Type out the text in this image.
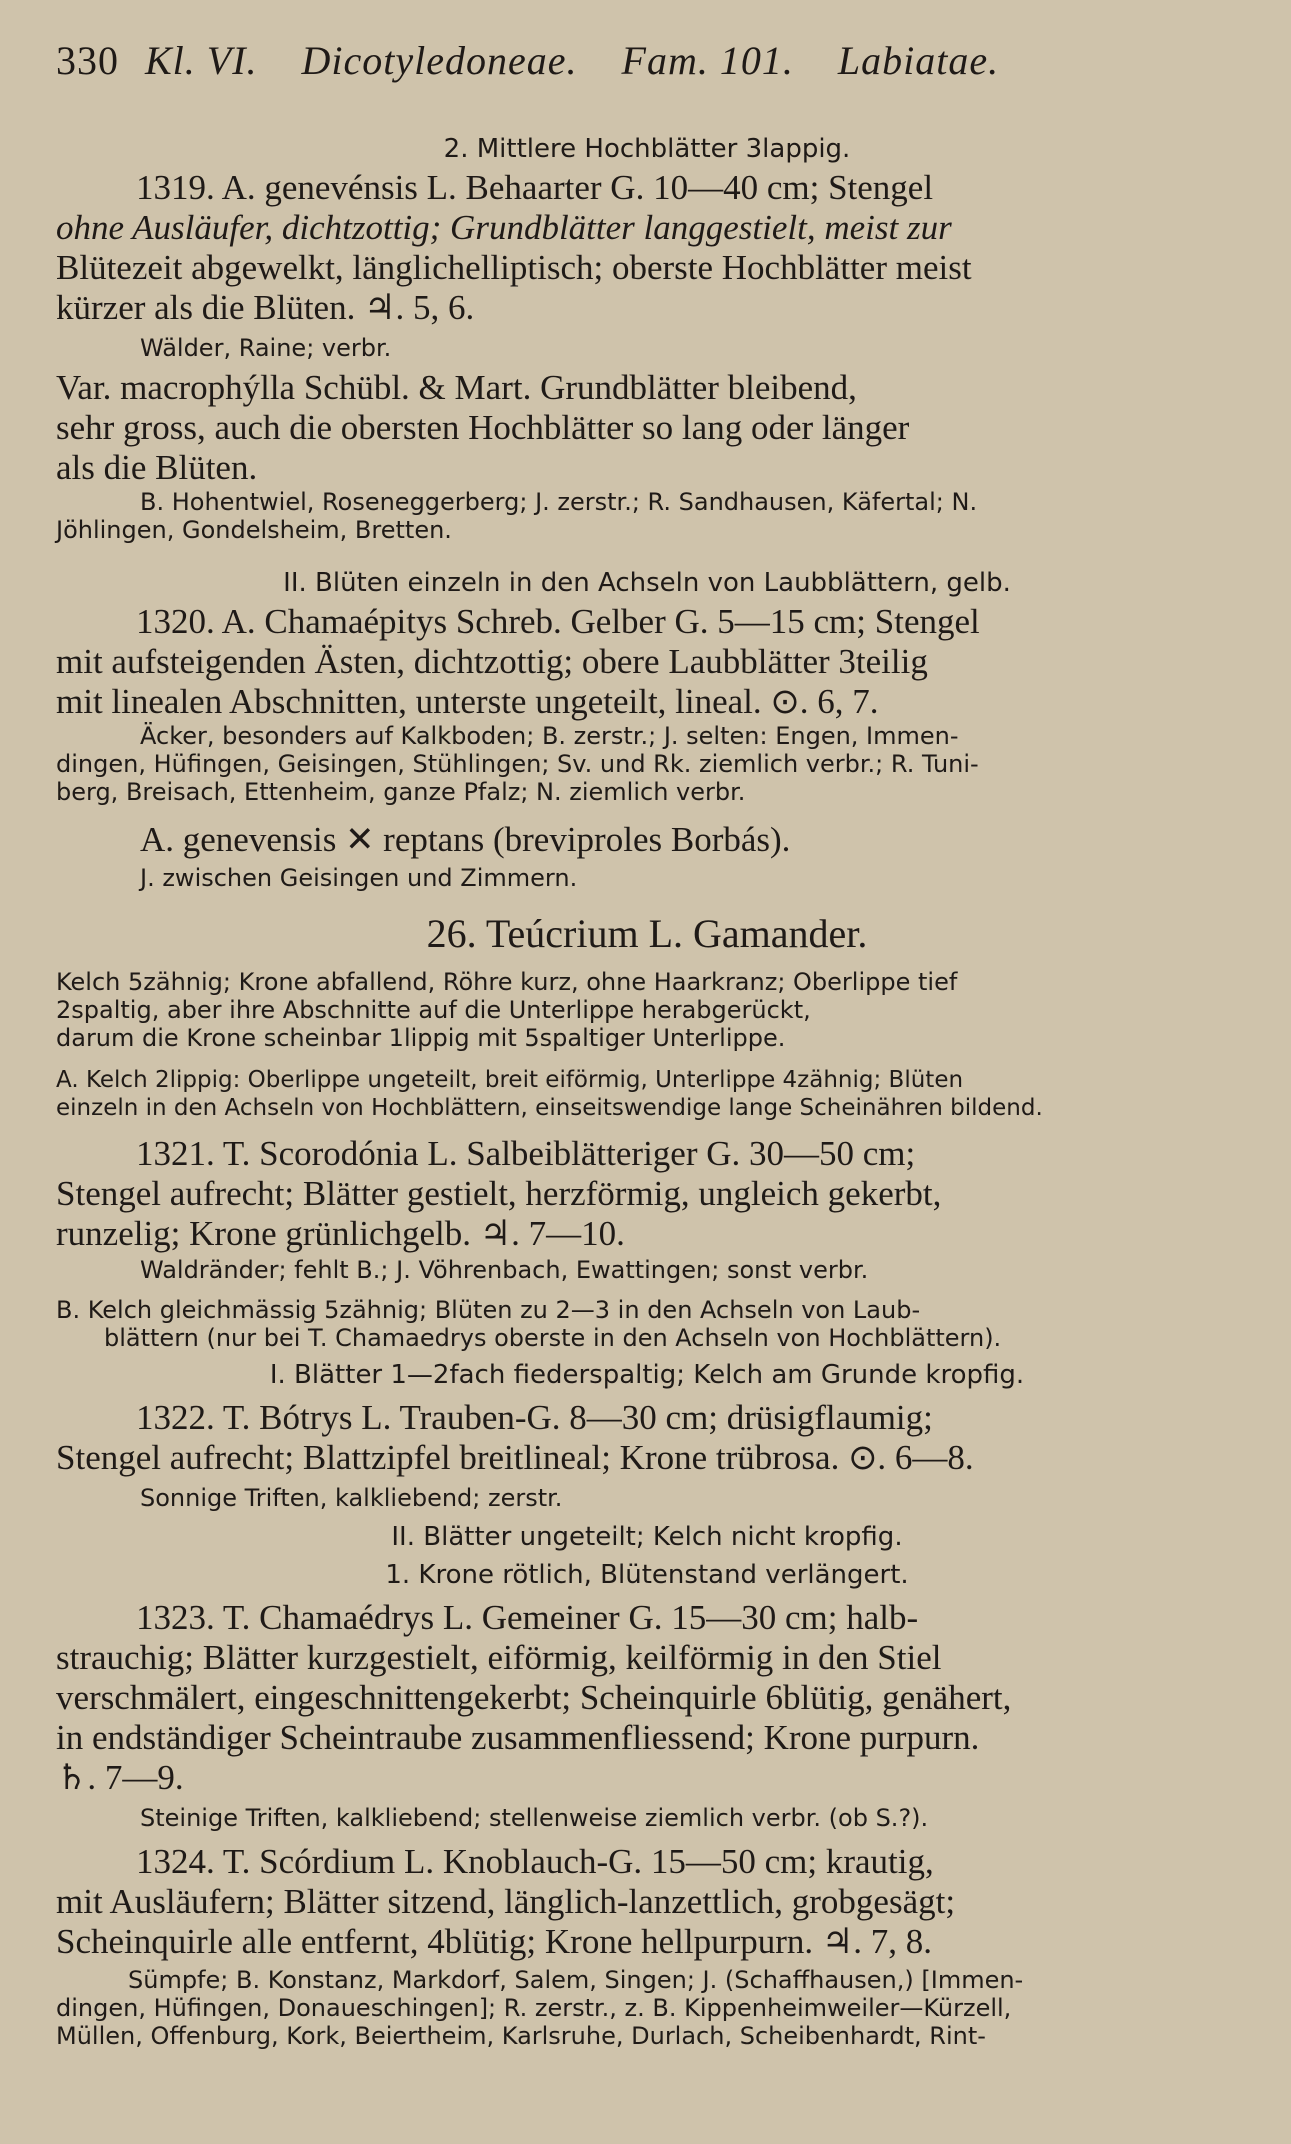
330 Kl. VI. Dicotyledoneae. Fam. 101. Labiatae.
2. Mittlere Hochblätter 3lappig.
1319. A. genevénsis L. Behaarter G. 10—40 cm; Stengel
ohne Ausläufer, dichtzottig; Grundblätter langgestielt, meist zur
Blütezeit abgewelkt, länglichelliptisch; oberste Hochblätter meist
kürzer als die Blüten. ♃. 5, 6.
Wälder, Raine; verbr.
Var. macrophýlla Schübl. & Mart. Grundblätter bleibend,
sehr gross, auch die obersten Hochblätter so lang oder länger
als die Blüten.
B. Hohentwiel, Roseneggerberg; J. zerstr.; R. Sandhausen, Käfertal; N.
Jöhlingen, Gondelsheim, Bretten.
II. Blüten einzeln in den Achseln von Laubblättern, gelb.
1320. A. Chamaépitys Schreb. Gelber G. 5—15 cm; Stengel
mit aufsteigenden Ästen, dichtzottig; obere Laubblätter 3teilig
mit linealen Abschnitten, unterste ungeteilt, lineal. ⊙. 6, 7.
Äcker, besonders auf Kalkboden; B. zerstr.; J. selten: Engen, Immen-
dingen, Hüfingen, Geisingen, Stühlingen; Sv. und Rk. ziemlich verbr.; R. Tuni-
berg, Breisach, Ettenheim, ganze Pfalz; N. ziemlich verbr.
A. genevensis ✕ reptans (breviproles Borbás).
J. zwischen Geisingen und Zimmern.
26. Teúcrium L. Gamander.
Kelch 5zähnig; Krone abfallend, Röhre kurz, ohne Haarkranz; Oberlippe tief
2spaltig, aber ihre Abschnitte auf die Unterlippe herabgerückt,
darum die Krone scheinbar 1lippig mit 5spaltiger Unterlippe.
A. Kelch 2lippig: Oberlippe ungeteilt, breit eiförmig, Unterlippe 4zähnig; Blüten
einzeln in den Achseln von Hochblättern, einseitswendige lange Scheinähren bildend.
1321. T. Scorodónia L. Salbeiblätteriger G. 30—50 cm;
Stengel aufrecht; Blätter gestielt, herzförmig, ungleich gekerbt,
runzelig; Krone grünlichgelb. ♃. 7—10.
Waldränder; fehlt B.; J. Vöhrenbach, Ewattingen; sonst verbr.
B. Kelch gleichmässig 5zähnig; Blüten zu 2—3 in den Achseln von Laub-
blättern (nur bei T. Chamaedrys oberste in den Achseln von Hochblättern).
I. Blätter 1—2fach fiederspaltig; Kelch am Grunde kropfig.
1322. T. Bótrys L. Trauben-G. 8—30 cm; drüsigflaumig;
Stengel aufrecht; Blattzipfel breitlineal; Krone trübrosa. ⊙. 6—8.
Sonnige Triften, kalkliebend; zerstr.
II. Blätter ungeteilt; Kelch nicht kropfig.
1. Krone rötlich, Blütenstand verlängert.
1323. T. Chamaédrys L. Gemeiner G. 15—30 cm; halb-
strauchig; Blätter kurzgestielt, eiförmig, keilförmig in den Stiel
verschmälert, eingeschnittengekerbt; Scheinquirle 6blütig, genähert,
in endständiger Scheintraube zusammenfliessend; Krone purpurn.
♄. 7—9.
Steinige Triften, kalkliebend; stellenweise ziemlich verbr. (ob S.?).
1324. T. Scórdium L. Knoblauch-G. 15—50 cm; krautig,
mit Ausläufern; Blätter sitzend, länglich-lanzettlich, grobgesägt;
Scheinquirle alle entfernt, 4blütig; Krone hellpurpurn. ♃. 7, 8.
Sümpfe; B. Konstanz, Markdorf, Salem, Singen; J. (Schaffhausen,) [Immen-
dingen, Hüfingen, Donaueschingen]; R. zerstr., z. B. Kippenheimweiler—Kürzell,
Müllen, Offenburg, Kork, Beiertheim, Karlsruhe, Durlach, Scheibenhardt, Rint-
